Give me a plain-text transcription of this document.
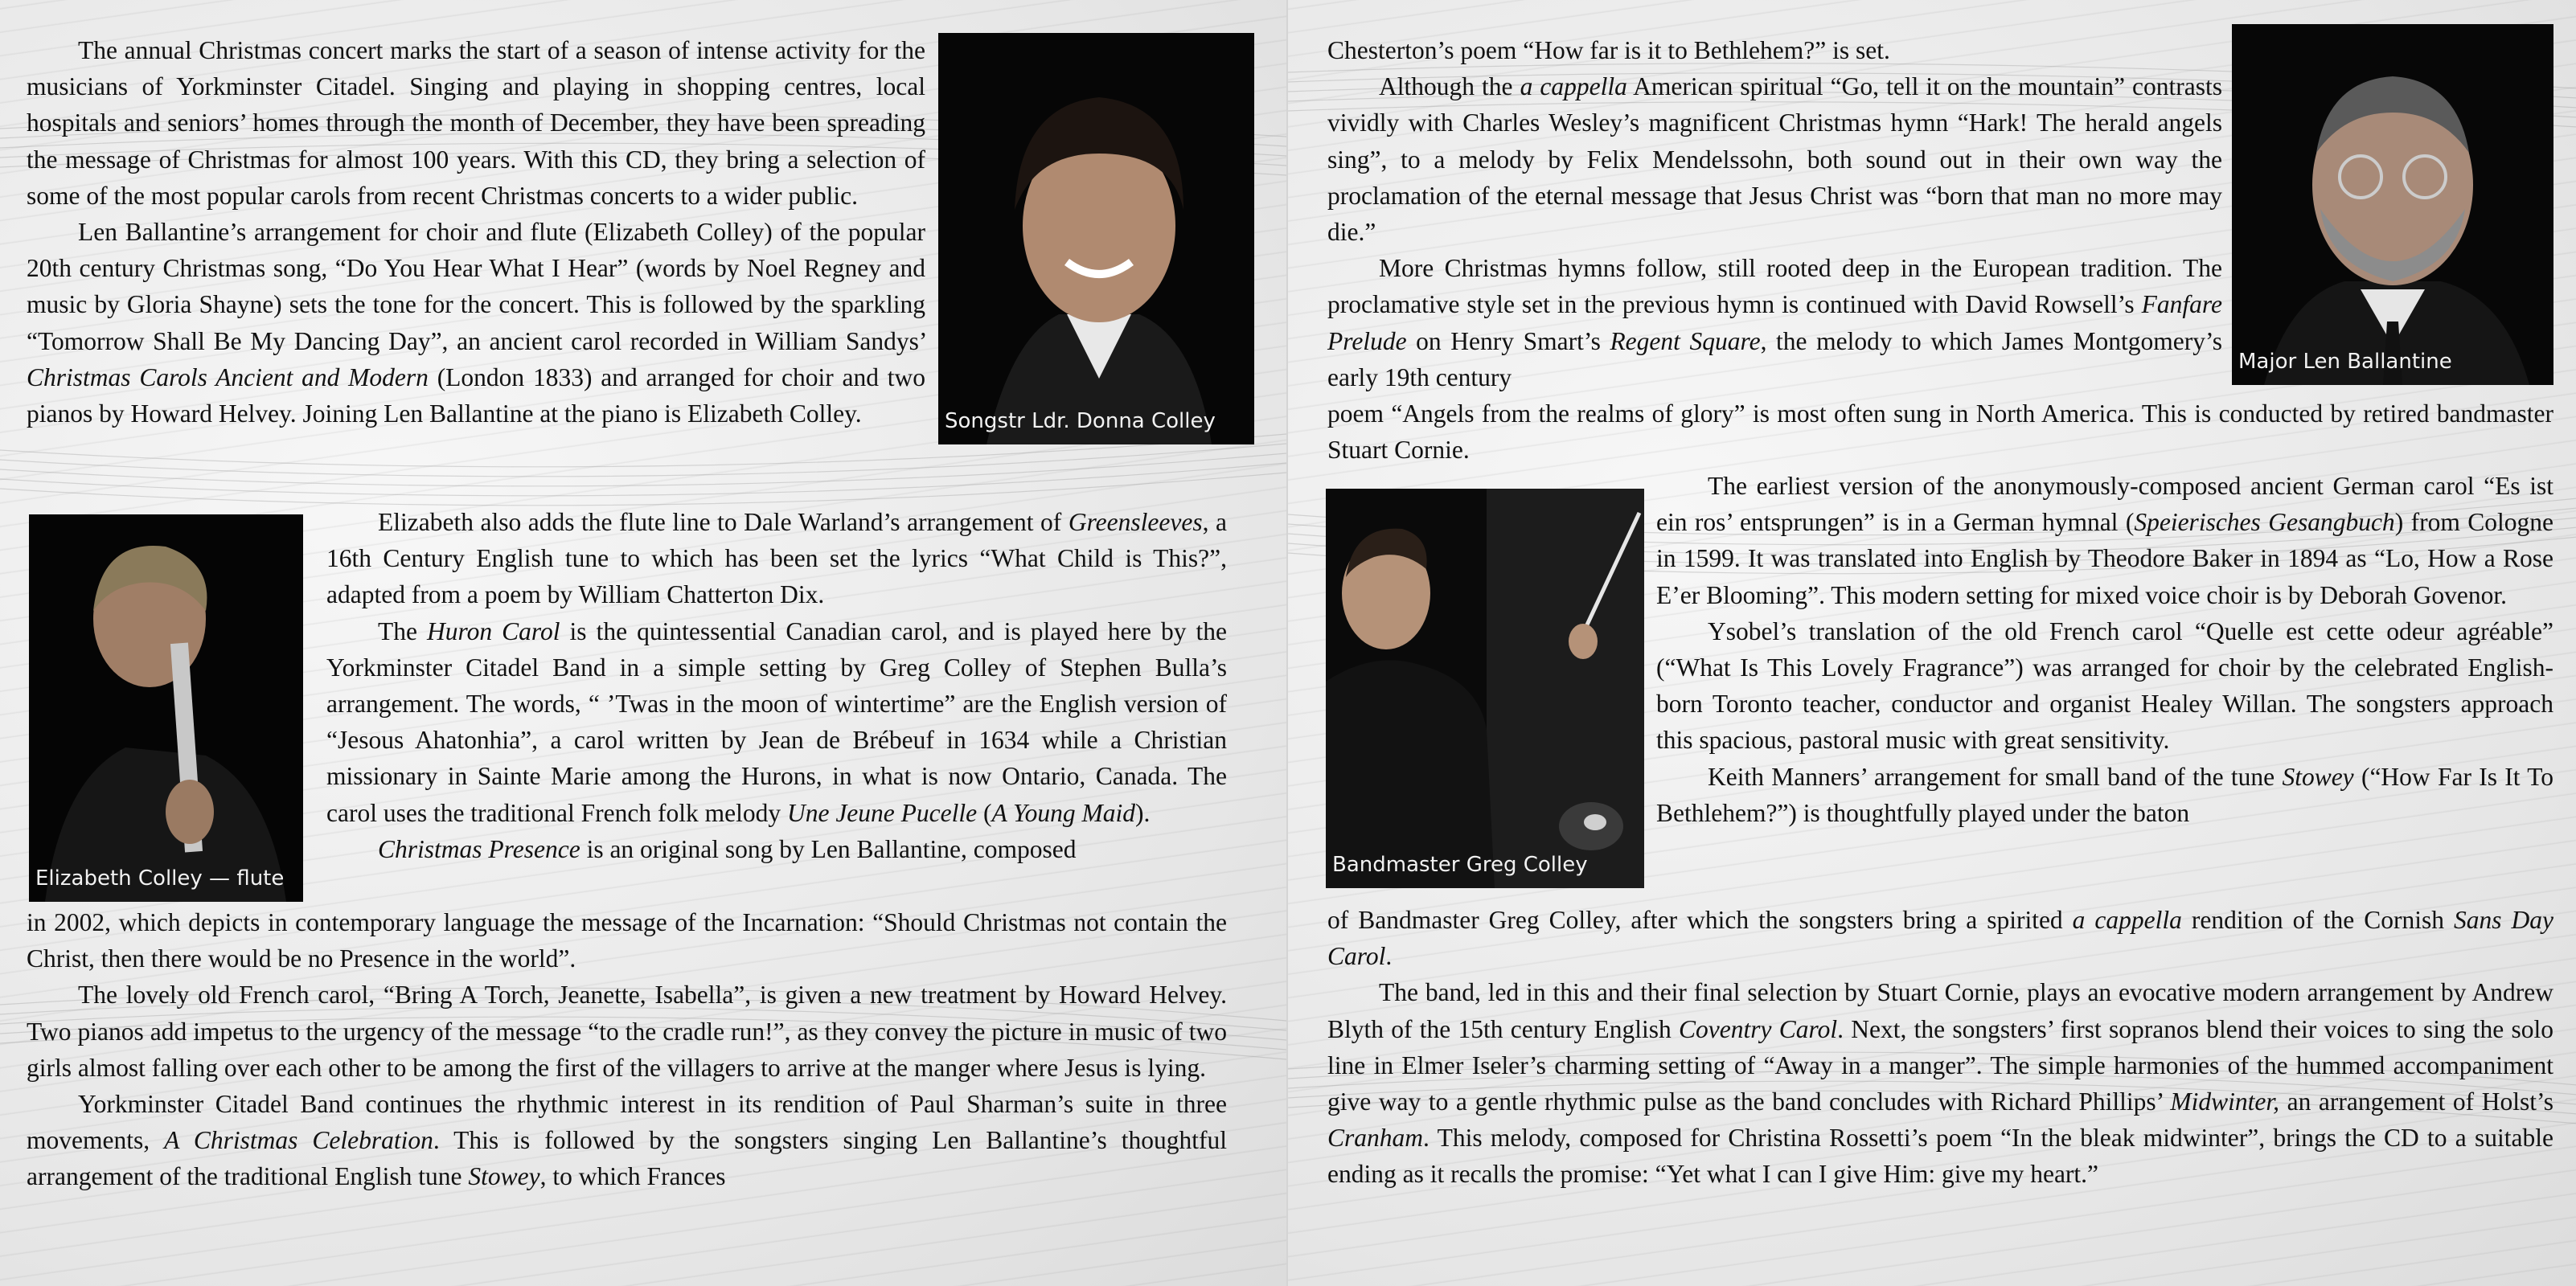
Songstr Ldr. Donna Colley
Elizabeth Colley — flute

The annual Christmas concert marks the start of a season of intense activity for the musicians of Yorkminster Citadel. Singing and playing in shopping centres, local hospitals and seniors’ homes through the month of December, they have been spreading the message of Christmas for almost 100 years. With this CD, they bring a selection of some of the most popular carols from recent Christmas concerts to a wider public.

Len Ballantine’s arrangement for choir and flute (Elizabeth Colley) of the popular 20th century Christmas song, “Do You Hear What I Hear” (words by Noel Regney and music by Gloria Shayne) sets the tone for the concert. This is followed by the sparkling “Tomorrow Shall Be My Dancing Day”, an ancient carol recorded in William Sandys’ Christmas Carols Ancient and Modern (London 1833) and arranged for choir and two pianos by Howard Helvey. Joining Len Ballantine at the piano is Elizabeth Colley.

Elizabeth also adds the flute line to Dale Warland’s arrangement of Greensleeves, a 16th Century English tune to which has been set the lyrics “What Child is This?”, adapted from a poem by William Chatterton Dix.

The Huron Carol is the quintessential Canadian carol, and is played here by the Yorkminster Citadel Band in a simple setting by Greg Colley of Stephen Bulla’s arrangement. The words, “ ’Twas in the moon of wintertime” are the English version of “Jesous Ahatonhia”, a carol written by Jean de Brébeuf in 1634 while a Christian missionary in Sainte Marie among the Hurons, in what is now Ontario, Canada. The carol uses the traditional French folk melody Une Jeune Pucelle (A Young Maid).

Christmas Presence is an original song by Len Ballantine, composed

in 2002, which depicts in contemporary language the message of the Incarnation: “Should Christmas not contain the Christ, then there would be no Presence in the world”.

The lovely old French carol, “Bring A Torch, Jeanette, Isabella”, is given a new treatment by Howard Helvey. Two pianos add impetus to the urgency of the message “to the cradle run!”, as they convey the picture in music of two girls almost falling over each other to be among the first of the villagers to arrive at the manger where Jesus is lying.

Yorkminster Citadel Band continues the rhythmic interest in its rendition of Paul Sharman’s suite in three movements, A Christmas Celebration. This is followed by the songsters singing Len Ballantine’s thoughtful arrangement of the traditional English tune Stowey, to which Frances

Major Len Ballantine
Bandmaster Greg Colley

Chesterton’s poem “How far is it to Bethlehem?” is set.

Although the a cappella American spiritual “Go, tell it on the mountain” contrasts vividly with Charles Wesley’s magnificent Christmas hymn “Hark! The herald angels sing”, to a melody by Felix Mendelssohn, both sound out in their own way the proclamation of the eternal message that Jesus Christ was “born that man no more may die.”

More Christmas hymns follow, still rooted deep in the European tradition. The proclamative style set in the previous hymn is continued with David Rowsell’s Fanfare Prelude on Henry Smart’s Regent Square, the melody to which James Montgomery’s early 19th century

poem “Angels from the realms of glory” is most often sung in North America. This is conducted by retired bandmaster Stuart Cornie.

The earliest version of the anonymously-composed ancient German carol “Es ist ein ros’ entsprungen” is in a German hymnal (Speierisches Gesangbuch) from Cologne in 1599. It was translated into English by Theodore Baker in 1894 as “Lo, How a Rose E’er Blooming”. This modern setting for mixed voice choir is by Deborah Govenor.

Ysobel’s translation of the old French carol “Quelle est cette odeur agréable” (“What Is This Lovely Fragrance”) was arranged for choir by the celebrated English-born Toronto teacher, conductor and organist Healey Willan. The songsters approach this spacious, pastoral music with great sensitivity.

Keith Manners’ arrangement for small band of the tune Stowey (“How Far Is It To Bethlehem?”) is thoughtfully played under the baton

of Bandmaster Greg Colley, after which the songsters bring a spirited a cappella rendition of the Cornish Sans Day Carol.

The band, led in this and their final selection by Stuart Cornie, plays an evocative modern arrangement by Andrew Blyth of the 15th century English Coventry Carol. Next, the songsters’ first sopranos blend their voices to sing the solo line in Elmer Iseler’s charming setting of “Away in a manger”. The simple harmonies of the hummed accompaniment give way to a gentle rhythmic pulse as the band concludes with Richard Phillips’ Midwinter, an arrangement of Holst’s Cranham. This melody, composed for Christina Rossetti’s poem “In the bleak midwinter”, brings the CD to a suitable ending as it recalls the promise: “Yet what I can I give Him: give my heart.”
